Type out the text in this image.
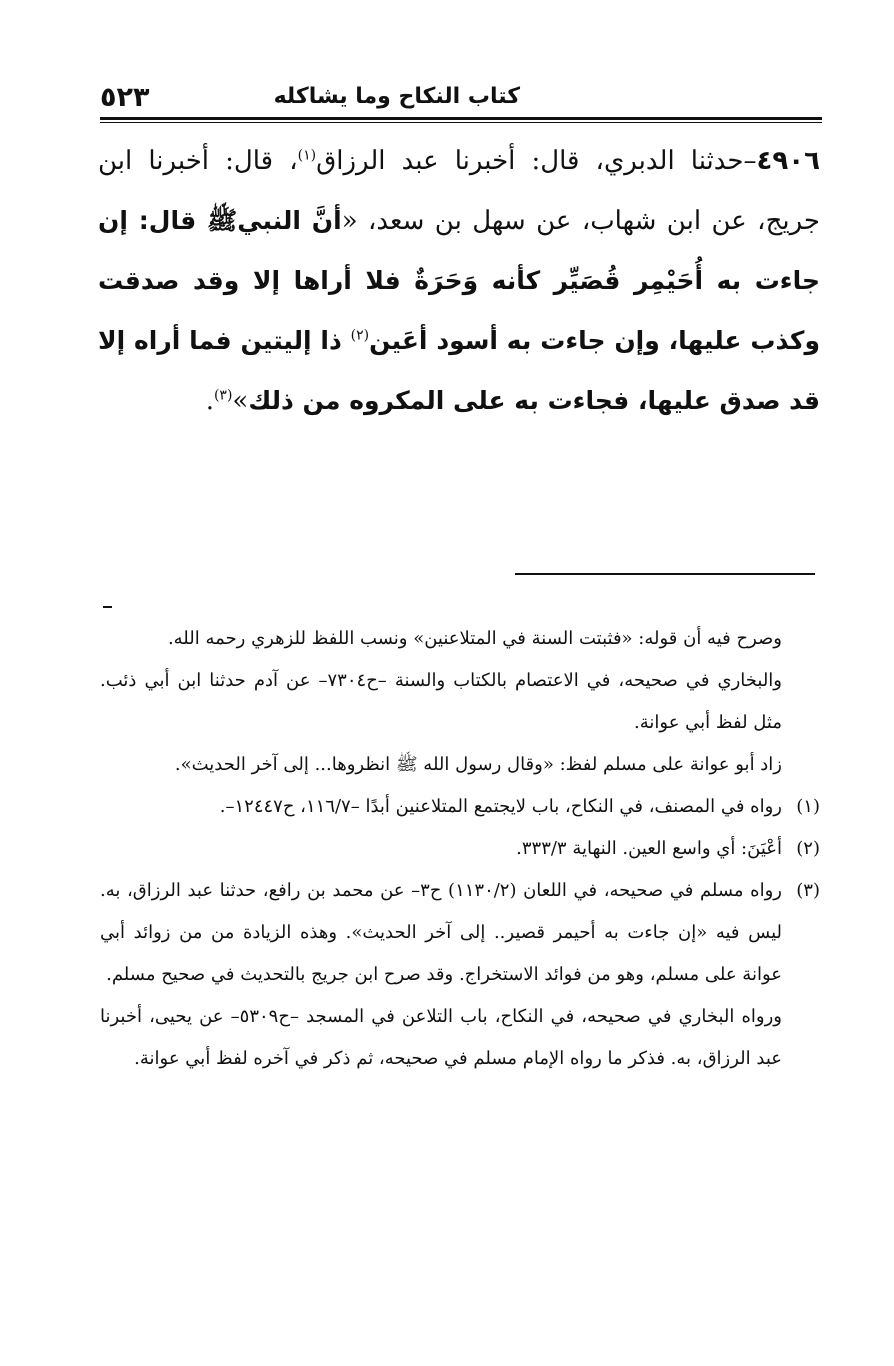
٥٢٣	كتاب النكاح وما يشاكله
٤٩٠٦–حدثنا الدبري، قال: أخبرنا عبد الرزاق$^{(١)}$، قال: أخبرنا ابن جريج، عن ابن شهاب، عن سهل بن سعد، «أنَّ النبيﷺ قال: إن جاءت به أُحَيْمِر قُصَيِّر كأنه وَحَرَةٌ فلا أراها إلا وقد صدقت وكذب عليها، وإن جاءت به أسود أعَين$^{(٢)}$ ذا إليتين فما أراه إلا قد صدق عليها، فجاءت به على المكروه من ذلك»$^{(٣)}$.

وصرح فيه أن قوله: «فثبتت السنة في المتلاعنين» ونسب اللفظ للزهري رحمه الله.

والبخاري في صحيحه، في الاعتصام بالكتاب والسنة –ح٧٣٠٤– عن آدم حدثنا ابن أبي ذئب. مثل لفظ أبي عوانة.

زاد أبو عوانة على مسلم لفظ: «وقال رسول الله ﷺ انظروها... إلى آخر الحديث».

(١)
رواه في المصنف، في النكاح، باب لايجتمع المتلاعنين أبدًا –١١٦/٧، ح١٢٤٤٧–.
(٢)
أعْيَنَ: أي واسع العين. النهاية ٣٣٣/٣.
(٣)
رواه مسلم في صحيحه، في اللعان (١١٣٠/٢) ح٣– عن محمد بن رافع، حدثنا عبد الرزاق، به. ليس فيه «إن جاءت به أحيمر قصير.. إلى آخر الحديث». وهذه الزيادة من من زوائد أبي عوانة على مسلم، وهو من فوائد الاستخراج. وقد صرح ابن جريج بالتحديث في صحيح مسلم.

ورواه البخاري في صحيحه، في النكاح، باب التلاعن في المسجد –ح٥٣٠٩– عن يحيى، أخبرنا عبد الرزاق، به. فذكر ما رواه الإمام مسلم في صحيحه، ثم ذكر في آخره لفظ أبي عوانة.
